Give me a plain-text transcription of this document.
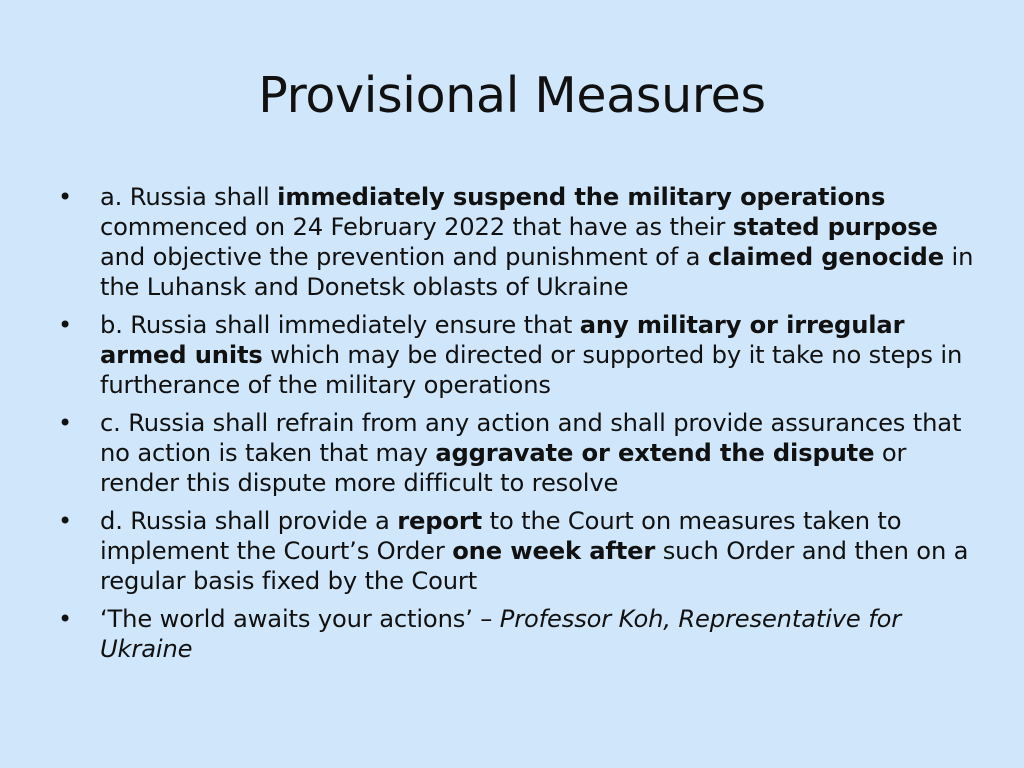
Provisional Measures
• a. Russia shall immediately suspend the military operations commenced on 24 February 2022 that have as their stated purpose and objective the prevention and punishment of a claimed genocide in the Luhansk and Donetsk oblasts of Ukraine
• b. Russia shall immediately ensure that any military or irregular armed units which may be directed or supported by it take no steps in furtherance of the military operations
• c. Russia shall refrain from any action and shall provide assurances that no action is taken that may aggravate or extend the dispute or render this dispute more difficult to resolve
• d. Russia shall provide a report to the Court on measures taken to implement the Court’s Order one week after such Order and then on a regular basis fixed by the Court
• ‘The world awaits your actions’ – Professor Koh, Representative for Ukraine
